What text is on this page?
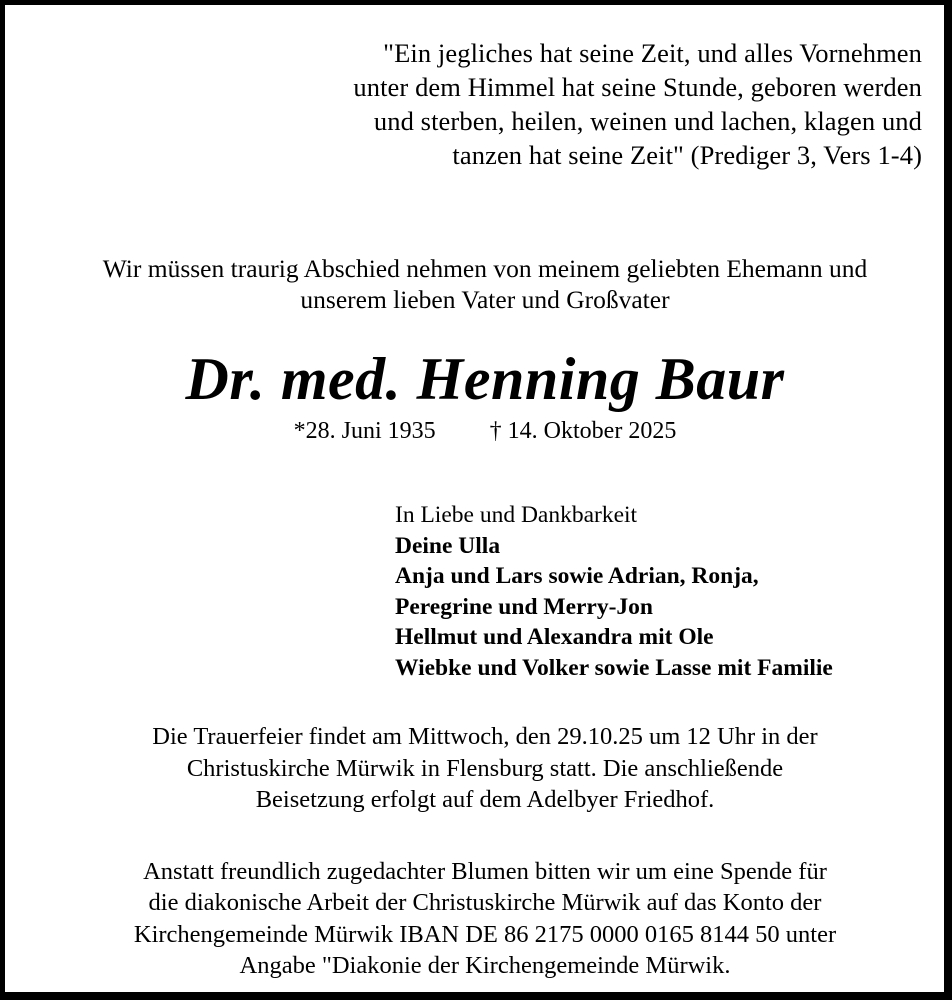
"Ein jegliches hat seine Zeit, und alles Vornehmen
unter dem Himmel hat seine Stunde, geboren werden
und sterben, heilen, weinen und lachen, klagen und
tanzen hat seine Zeit" (Prediger 3, Vers 1-4)
Wir müssen traurig Abschied nehmen von meinem geliebten Ehemann und
unserem lieben Vater und Großvater
Dr. med. Henning Baur
*28. Juni 1935 † 14. Oktober 2025
In Liebe und Dankbarkeit
Deine Ulla
Anja und Lars sowie Adrian, Ronja,
Peregrine und Merry-Jon
Hellmut und Alexandra mit Ole
Wiebke und Volker sowie Lasse mit Familie
Die Trauerfeier findet am Mittwoch, den 29.10.25 um 12 Uhr in der
Christuskirche Mürwik in Flensburg statt. Die anschließende
Beisetzung erfolgt auf dem Adelbyer Friedhof.
Anstatt freundlich zugedachter Blumen bitten wir um eine Spende für
die diakonische Arbeit der Christuskirche Mürwik auf das Konto der
Kirchengemeinde Mürwik IBAN DE 86 2175 0000 0165 8144 50 unter
Angabe "Diakonie der Kirchengemeinde Mürwik.
